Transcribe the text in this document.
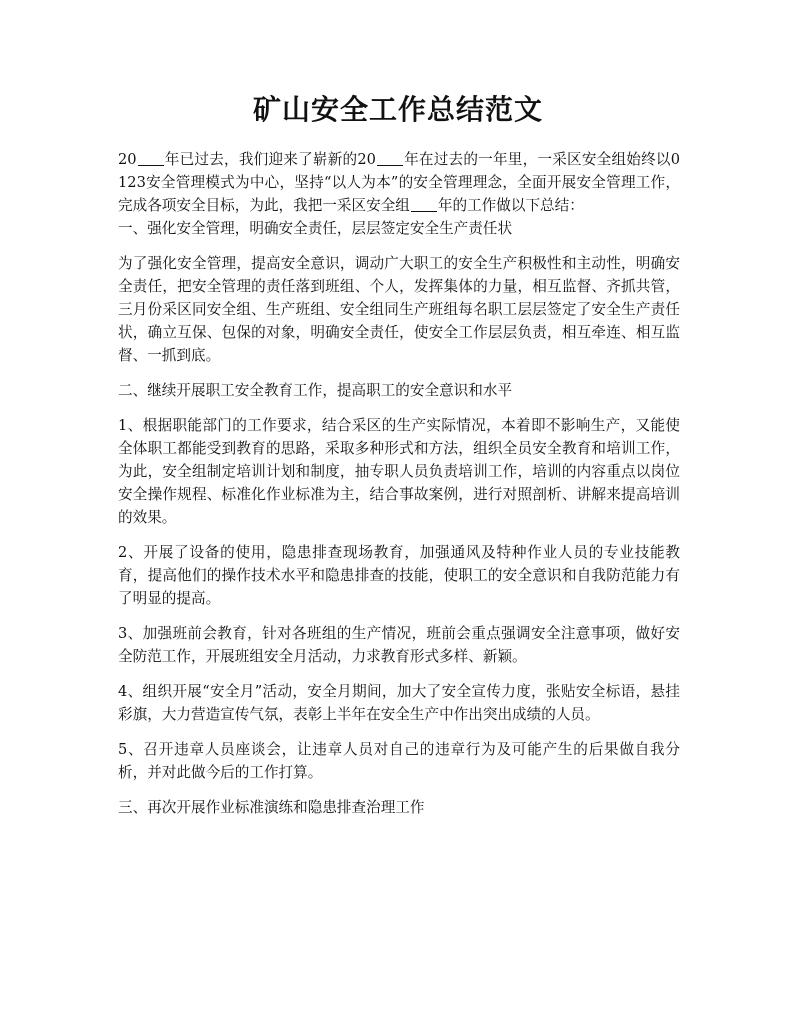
矿山安全工作总结范文

20 年已过去，我们迎来了崭新的20 年在过去的一年里，一采区安全组始终以0123安全管理模式为中心，坚持“以人为本”的安全管理理念，全面开展安全管理工作，完成各项安全目标，为此，我把一采区安全组 年的工作做以下总结：
一、强化安全管理，明确安全责任，层层签定安全生产责任状

为了强化安全管理，提高安全意识，调动广大职工的安全生产积极性和主动性，明确安全责任，把安全管理的责任落到班组、个人，发挥集体的力量，相互监督、齐抓共管，三月份采区同安全组、生产班组、安全组同生产班组每名职工层层签定了安全生产责任状，确立互保、包保的对象，明确安全责任，使安全工作层层负责，相互牵连、相互监督、一抓到底。

二、继续开展职工安全教育工作，提高职工的安全意识和水平

1、根据职能部门的工作要求，结合采区的生产实际情况，本着即不影响生产，又能使全体职工都能受到教育的思路，采取多种形式和方法，组织全员安全教育和培训工作，为此，安全组制定培训计划和制度，抽专职人员负责培训工作，培训的内容重点以岗位安全操作规程、标准化作业标准为主，结合事故案例，进行对照剖析、讲解来提高培训的效果。

2、开展了设备的使用，隐患排查现场教育，加强通风及特种作业人员的专业技能教育，提高他们的操作技术水平和隐患排查的技能，使职工的安全意识和自我防范能力有了明显的提高。

3、加强班前会教育，针对各班组的生产情况，班前会重点强调安全注意事项，做好安全防范工作，开展班组安全月活动，力求教育形式多样、新颖。

4、组织开展“安全月”活动，安全月期间，加大了安全宣传力度，张贴安全标语，悬挂彩旗，大力营造宣传气氛，表彰上半年在安全生产中作出突出成绩的人员。

5、召开违章人员座谈会，让违章人员对自己的违章行为及可能产生的后果做自我分析，并对此做今后的工作打算。

三、再次开展作业标准演练和隐患排查治理工作
